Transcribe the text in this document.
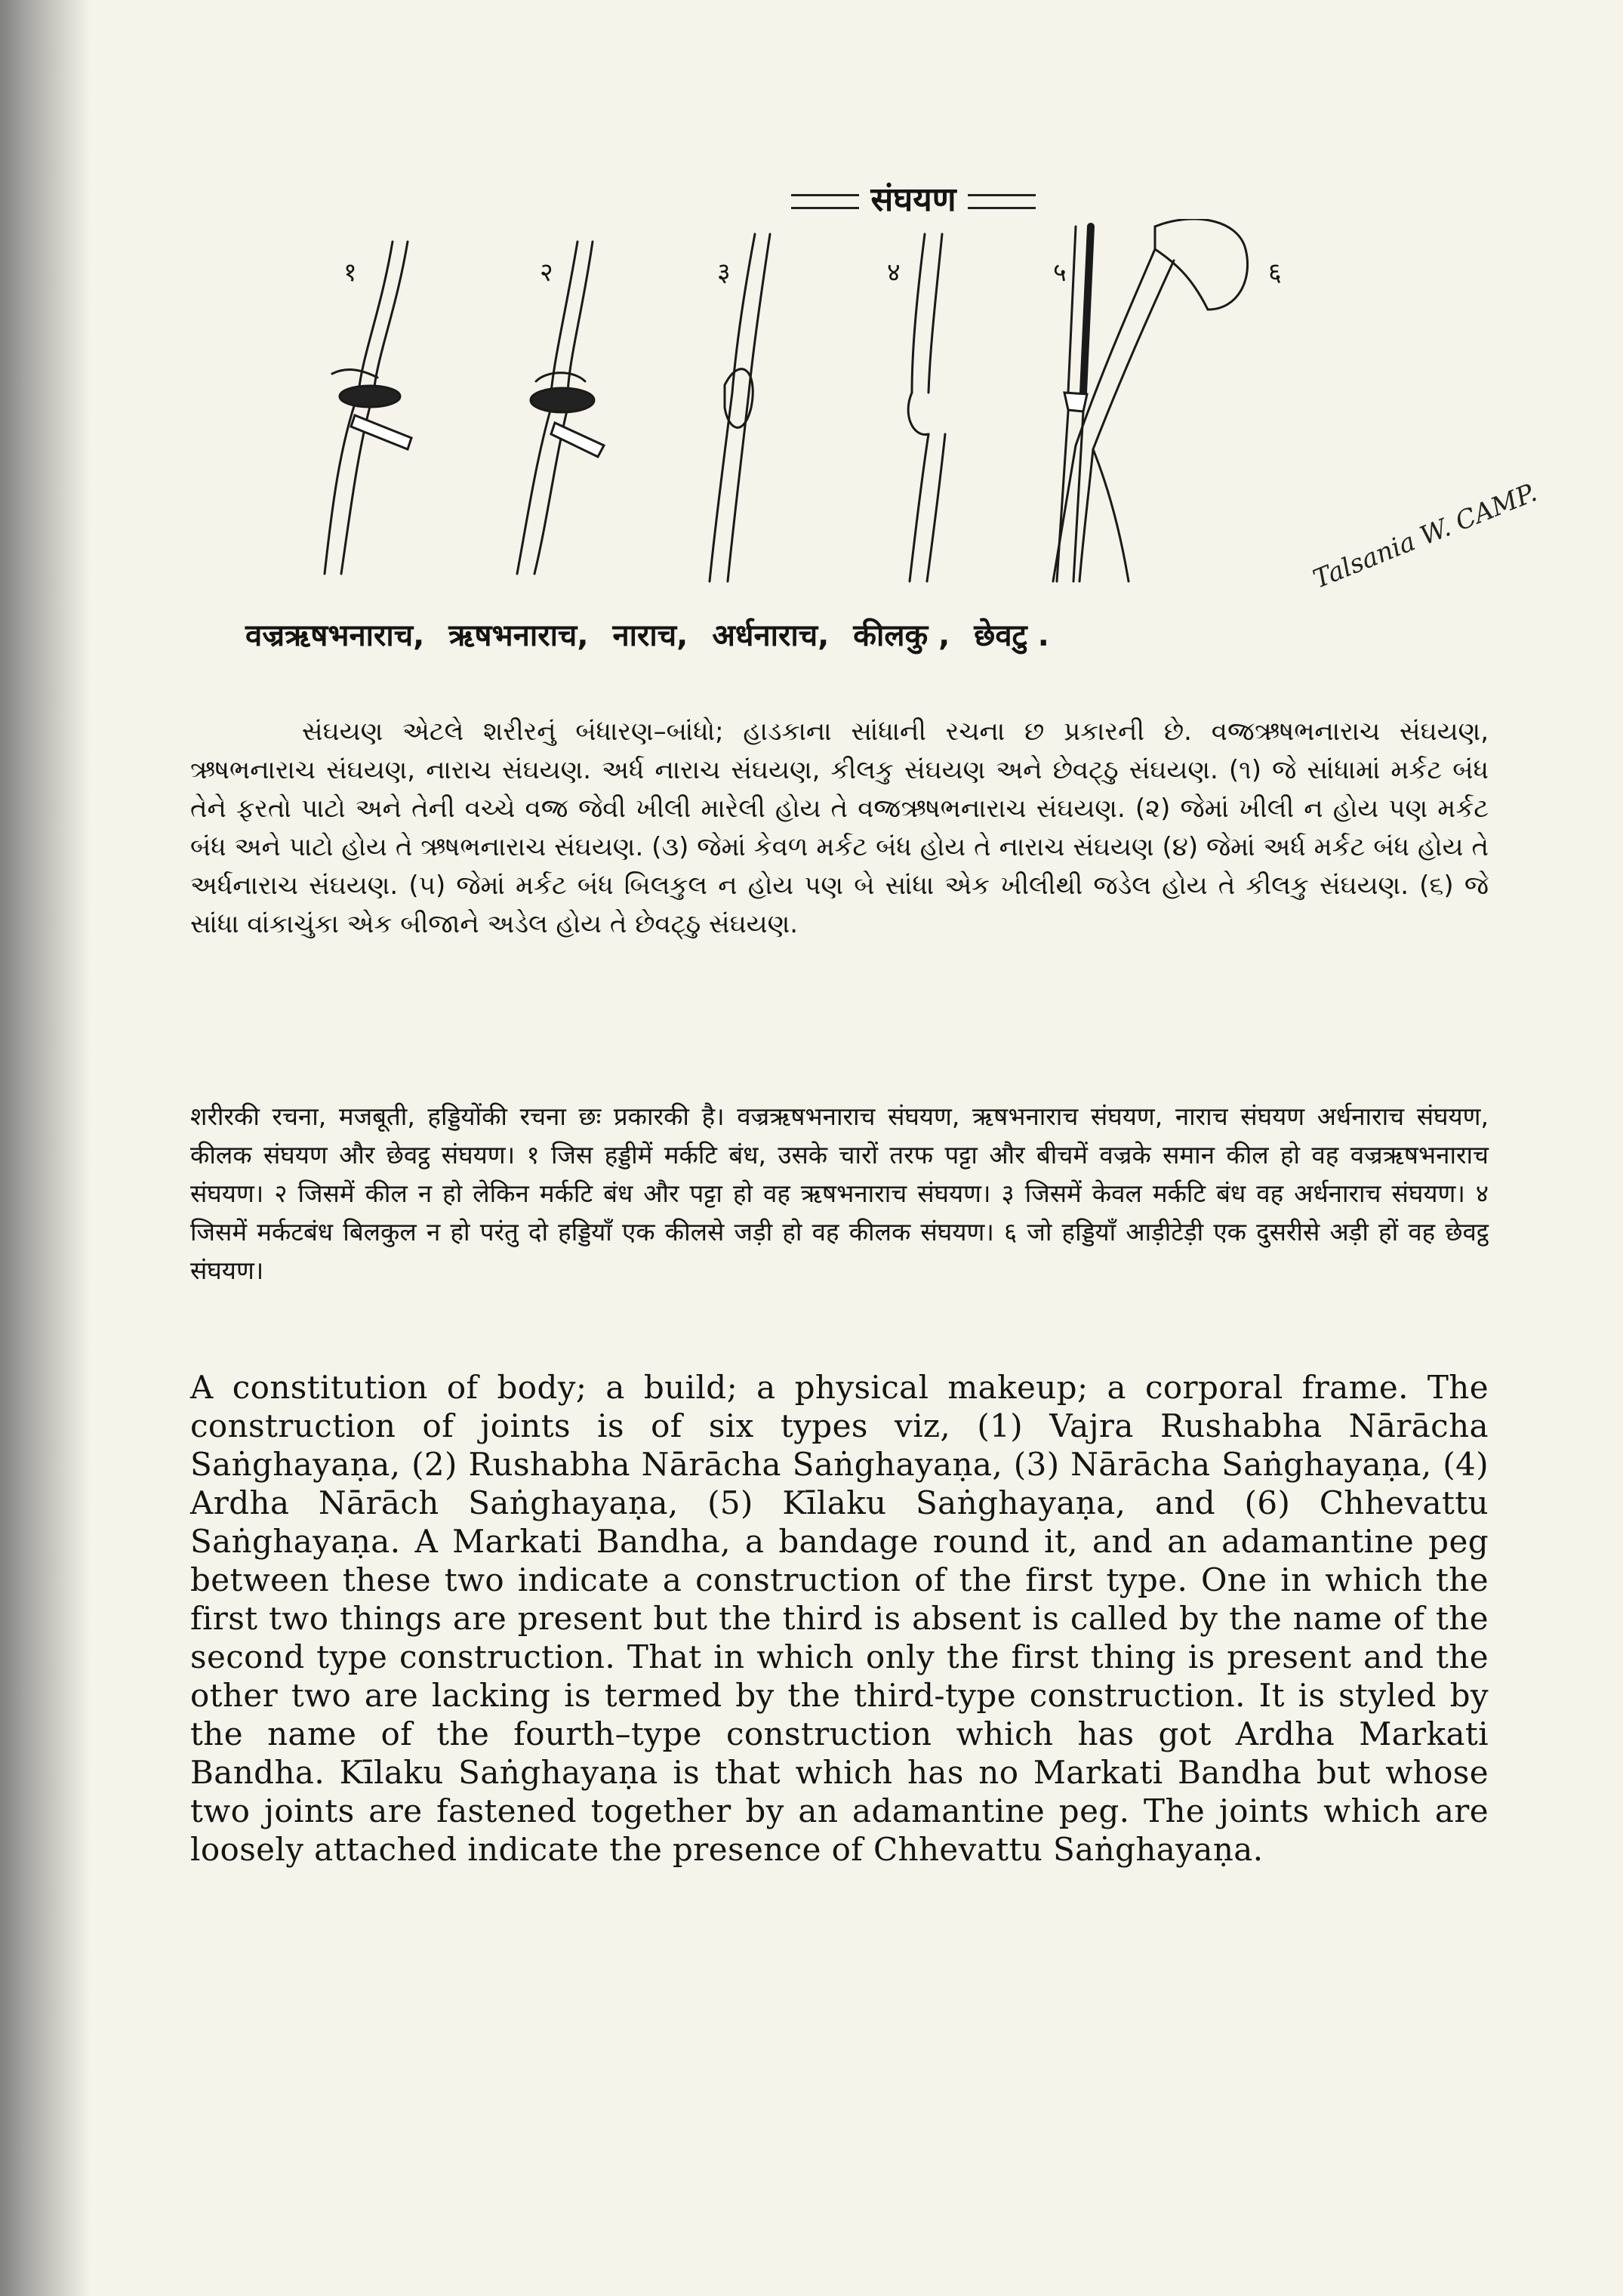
संघयण
१	२	३	४	५	६
Talsania W. CAMP.
वज्रऋषभनाराच, ऋषभनाराच, नाराच, अर्धनाराच, कीलकु , छेवटु .

સંઘયણ એટલે શરીરનું બંધારણ–બાંધો; હાડકાના સાંધાની રચના છ પ્રકારની છે. વજ્રઋષભનારાચ સંઘયણ, ઋષભનારાચ સંઘયણ, નારાચ સંઘયણ. અર્ધ નારાચ સંઘયણ, કીલકુ સંઘયણ અને છેવટ્ઠુ સંઘયણ. (૧) જે સાંધામાં મર્કટ બંધ તેને ફરતો પાટો અને તેની વચ્ચે વજ્ર જેવી ખીલી મારેલી હોય તે વજ્રઋષભનારાચ સંઘયણ. (૨) જેમાં ખીલી ન હોય પણ મર્કટ બંધ અને પાટો હોય તે ઋષભનારાચ સંઘયણ. (૩) જેમાં કેવળ મર્કટ બંધ હોય તે નારાચ સંઘયણ (૪) જેમાં અર્ધ મર્કટ બંધ હોય તે અર્ધનારાચ સંઘયણ. (૫) જેમાં મર્કટ બંધ બિલકુલ ન હોય પણ બે સાંધા એક ખીલીથી જડેલ હોય તે કીલકુ સંઘયણ. (૬) જે સાંધા વાંકાચુંકા એક બીજાને અડેલ હોય તે છેવટ્ઠુ સંઘયણ.

शरीरकी रचना, मजबूती, हड्डियोंकी रचना छः प्रकारकी है। वज्रऋषभनाराच संघयण, ऋषभनाराच संघयण, नाराच संघयण अर्धनाराच संघयण, कीलक संघयण और छेवट्ठ संघयण। १ जिस हड्डीमें मर्कटि बंध, उसके चारों तरफ पट्टा और बीचमें वज्रके समान कील हो वह वज्रऋषभनाराच संघयण। २ जिसमें कील न हो लेकिन मर्कटि बंध और पट्टा हो वह ऋषभनाराच संघयण। ३ जिसमें केवल मर्कटि बंध वह अर्धनाराच संघयण। ४ जिसमें मर्कटबंध बिलकुल न हो परंतु दो हड्डियाँ एक कीलसे जड़ी हो वह कीलक संघयण। ६ जो हड्डियाँ आड़ीटेड़ी एक दुसरीसे अड़ी हों वह छेवट्ठ संघयण।

A constitution of body; a build; a physical makeup; a corporal frame. The construction of joints is of six types viz, (1) Vajra Rushabha Nārācha Saṅghayaṇa, (2) Rushabha Nārācha Saṅghayaṇa, (3) Nārācha Saṅghayaṇa, (4) Ardha Nārāch Saṅghayaṇa, (5) Kīlaku Saṅghayaṇa, and (6) Chhevattu Saṅghayaṇa. A Markati Bandha, a bandage round it, and an adamantine peg between these two indicate a construction of the first type. One in which the first two things are present but the third is absent is called by the name of the second type construction. That in which only the first thing is present and the other two are lacking is termed by the third-type construction. It is styled by the name of the fourth–type construction which has got Ardha Markati Bandha. Kīlaku Saṅghayaṇa is that which has no Markati Bandha but whose two joints are fastened together by an adamantine peg. The joints which are loosely attached indicate the presence of Chhevattu Saṅghayaṇa.
